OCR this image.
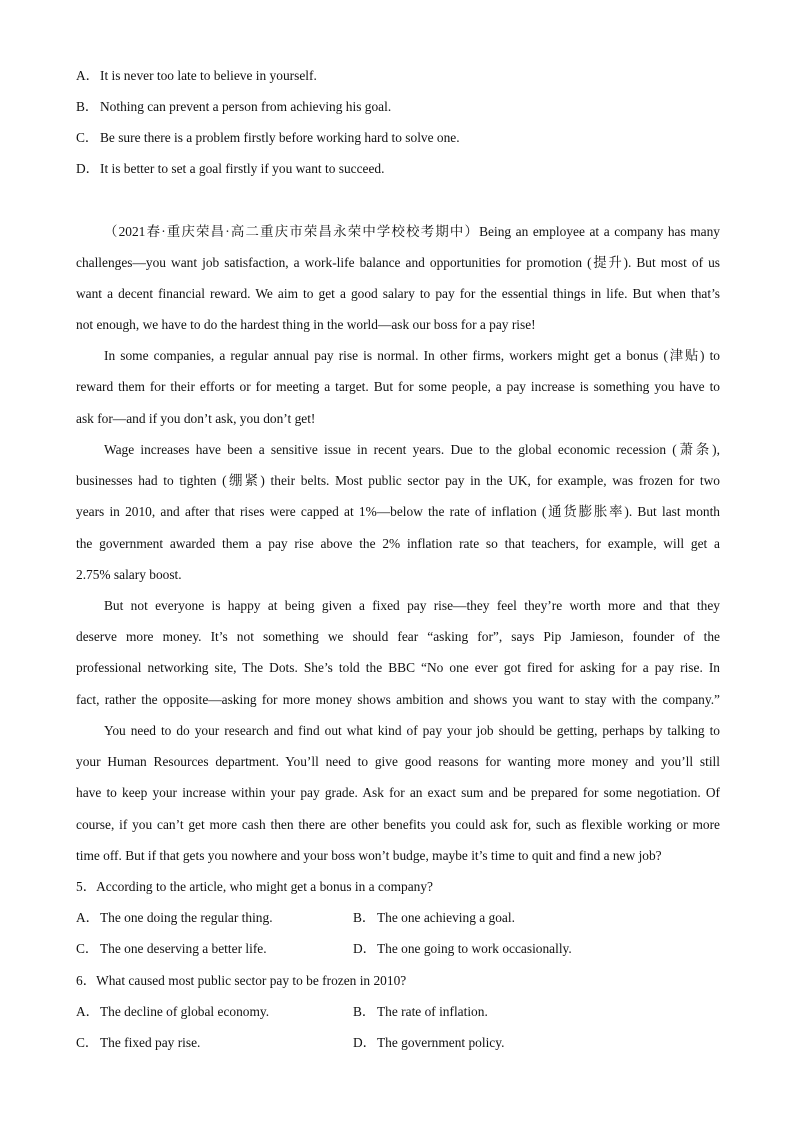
A．It is never too late to believe in yourself.
B． Nothing can prevent a person from achieving his goal.
C． Be sure there is a problem firstly before working hard to solve one.
D．It is better to set a goal firstly if you want to succeed.
（2021春·重庆荣昌·高二重庆市荣昌永荣中学校校考期中）Being an employee at a company has many
challenges—you want job satisfaction, a work-life balance and opportunities for promotion (提升). But most of us
want a decent financial reward. We aim to get a good salary to pay for the essential things in life. But when that’s
not enough, we have to do the hardest thing in the world—ask our boss for a pay rise!
In some companies, a regular annual pay rise is normal. In other firms, workers might get a bonus (津贴) to
reward them for their efforts or for meeting a target. But for some people, a pay increase is something you have to
ask for—and if you don’t ask, you don’t get!
Wage increases have been a sensitive issue in recent years. Due to the global economic recession (萧条),
businesses had to tighten (绷紧) their belts. Most public sector pay in the UK, for example, was frozen for two
years in 2010, and after that rises were capped at 1%—below the rate of inflation (通货膨胀率). But last month
the government awarded them a pay rise above the 2% inflation rate so that teachers, for example, will get a
2.75% salary boost.
But not everyone is happy at being given a fixed pay rise—they feel they’re worth more and that they
deserve more money. It’s not something we should fear “asking for”, says Pip Jamieson, founder of the
professional networking site, The Dots. She’s told the BBC “No one ever got fired for asking for a pay rise. In
fact, rather the opposite—asking for more money shows ambition and shows you want to stay with the company.”
You need to do your research and find out what kind of pay your job should be getting, perhaps by talking to
your Human Resources department. You’ll need to give good reasons for wanting more money and you’ll still
have to keep your increase within your pay grade. Ask for an exact sum and be prepared for some negotiation. Of
course, if you can’t get more cash then there are other benefits you could ask for, such as flexible working or more
time off. But if that gets you nowhere and your boss won’t budge, maybe it’s time to quit and find a new job?
5．According to the article, who might get a bonus in a company?
A．The one doing the regular thing.	B． The one achieving a goal.
C． The one deserving a better life.	D．The one going to work occasionally.
6．What caused most public sector pay to be frozen in 2010?
A．The decline of global economy.	B． The rate of inflation.
C． The fixed pay rise.	D．The government policy.
